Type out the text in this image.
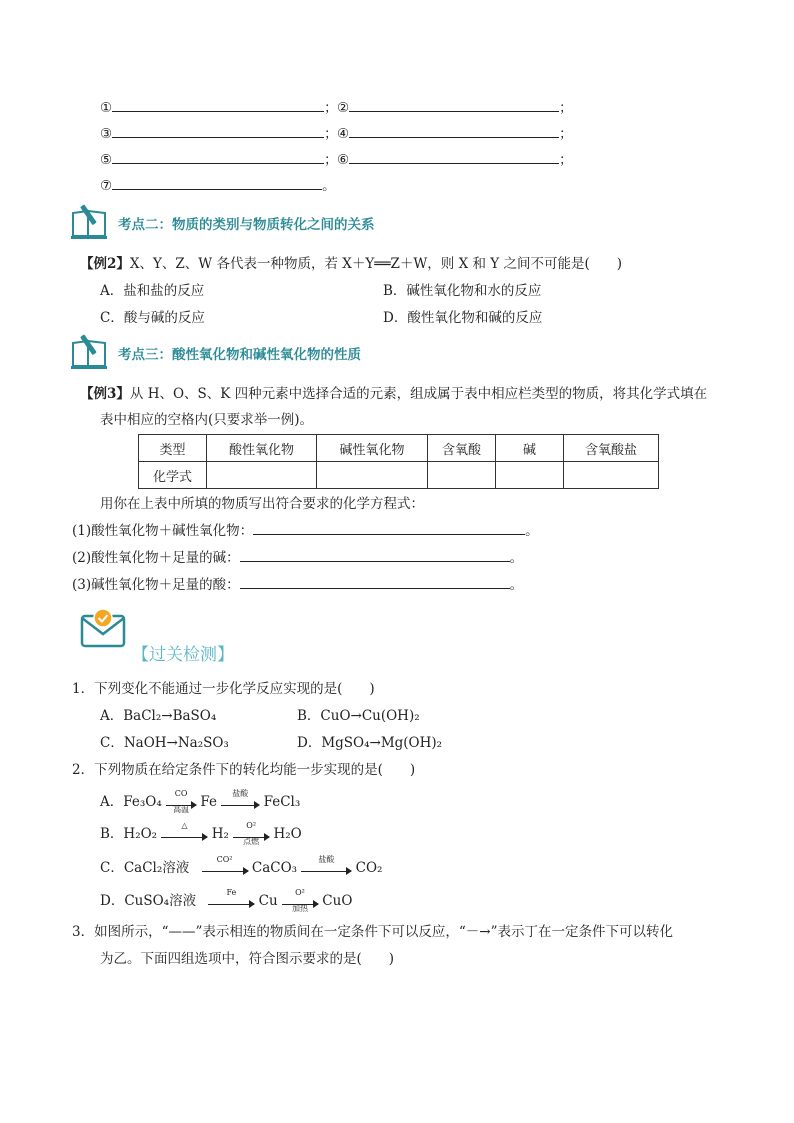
①	； ②	；
③	； ④	；
⑤	； ⑥	；
⑦	。
考点二：物质的类别与物质转化之间的关系
【例2】X、Y、Z、W 各代表一种物质，若 X＋Y══Z＋W，则 X 和 Y 之间不可能是(　　)
A．盐和盐的反应	B．碱性氧化物和水的反应
C．酸与碱的反应	D．酸性氧化物和碱的反应
考点三：酸性氧化物和碱性氧化物的性质
【例3】从 H、O、S、K 四种元素中选择合适的元素，组成属于表中相应栏类型的物质，将其化学式填在
表中相应的空格内(只要求举一例)。
类型	酸性氧化物	碱性氧化物	含氧酸	碱	含氧酸盐
化学式					
用你在上表中所填的物质写出符合要求的化学方程式：
(1)酸性氧化物＋碱性氧化物：	。
(2)酸性氧化物＋足量的碱：	。
(3)碱性氧化物＋足量的酸：	。
【过关检测】
1．下列变化不能通过一步化学反应实现的是(　　)
A．BaCl₂→BaSO₄	B．CuO→Cu(OH)₂
C．NaOH→Na₂SO₃	D．MgSO₄→Mg(OH)₂
2．下列物质在给定条件下的转化均能一步实现的是(　　)
A．Fe₃O₄
CO
高温 Fe
盐酸
FeCl₃
B．H₂O₂
△
H₂
O²
点燃	H₂O
C．CaCl₂溶液
CO²
CaCO₃
盐酸
CO₂
D．CuSO₄溶液
Fe
Cu
O²
加热	CuO
3．如图所示，“——”表示相连的物质间在一定条件下可以反应，“－→”表示丁在一定条件下可以转化
为乙。下面四组选项中，符合图示要求的是(　　)
